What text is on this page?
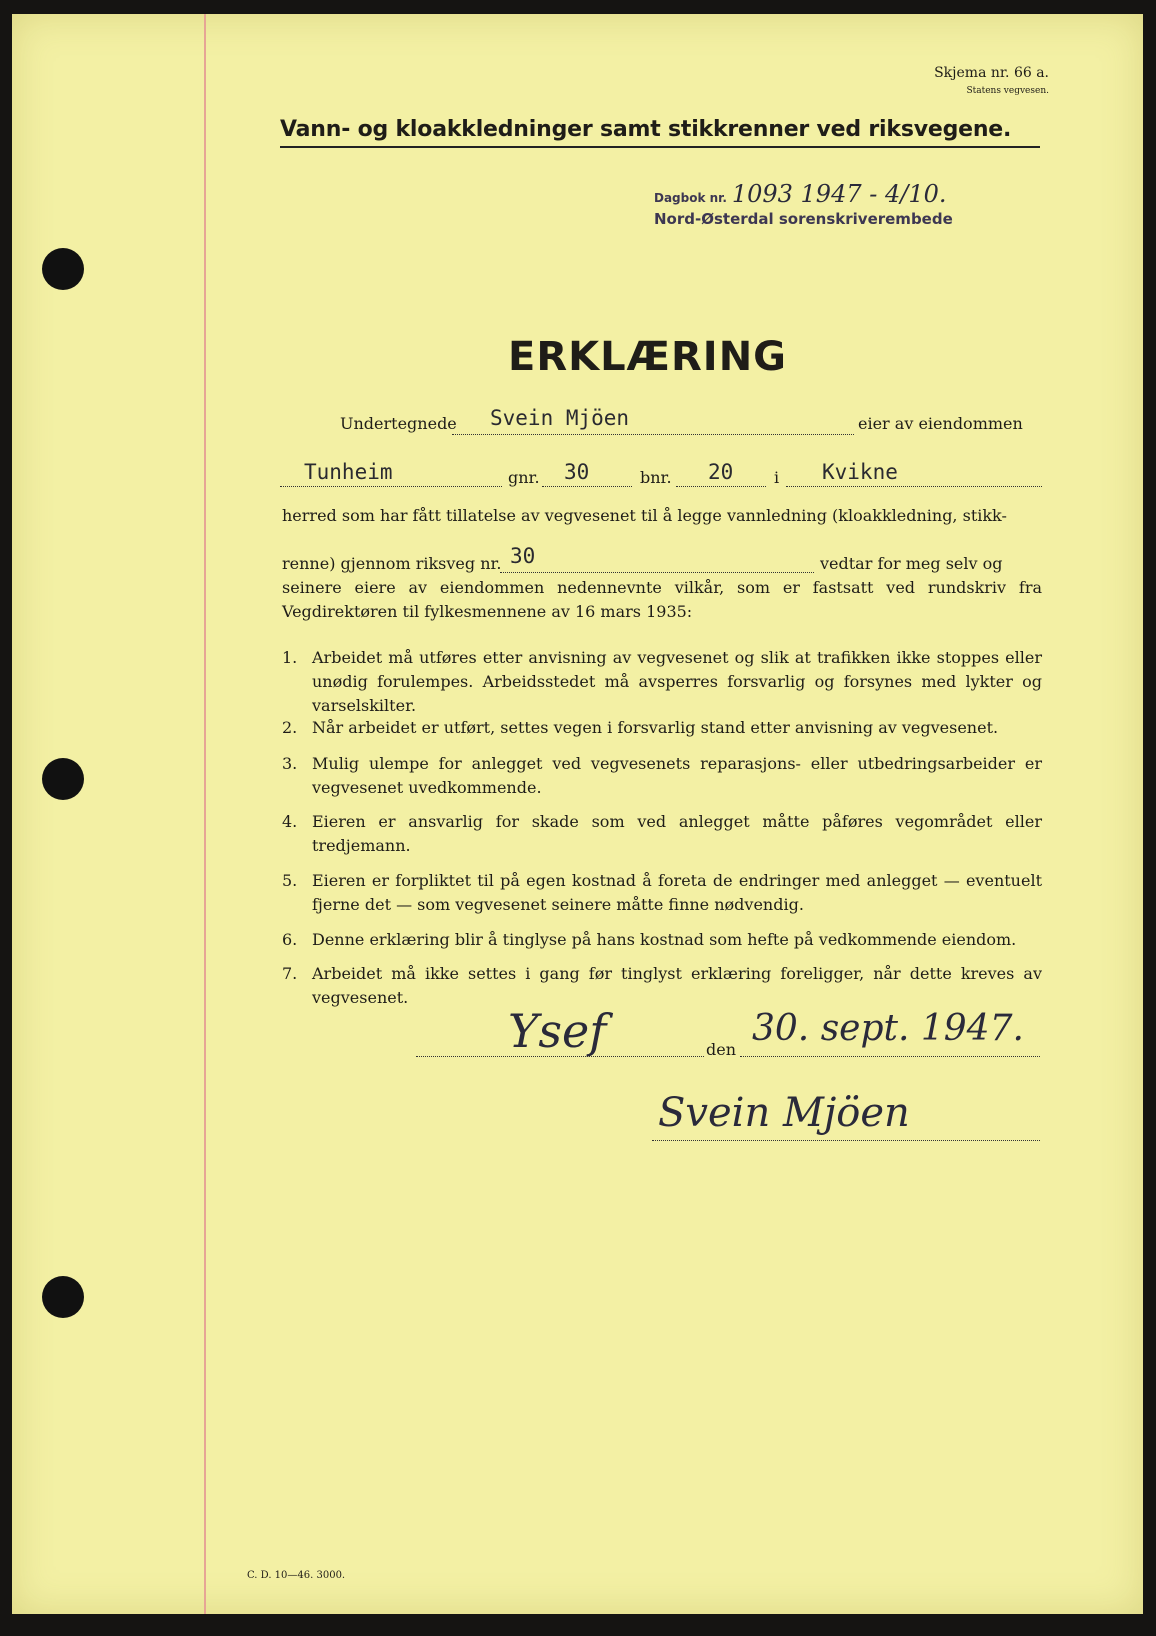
Skjema nr. 66 a.
Statens vegvesen.
Vann- og kloakkledninger samt stikkrenner ved riksvegene.
Dagbok nr. 1093 1947 - 4/10.
Nord-Østerdal sorenskriverembede
ERKLÆRING
Undertegnede Svein Mjöen	eier av eiendommen
Tunheim	gnr. 30	bnr. 20	i Kvikne
herred som har fått tillatelse av vegvesenet til å legge vannledning (kloakkledning, stikk-
renne) gjennom riksveg nr. 30	vedtar for meg selv og
seinere eiere av eiendommen nedennevnte vilkår, som er fastsatt ved rundskriv fra Vegdirektøren til fylkesmennene av 16 mars 1935:
1. Arbeidet må utføres etter anvisning av vegvesenet og slik at trafikken ikke stoppes eller unødig forulempes. Arbeidsstedet må avsperres forsvarlig og forsynes med lykter og varselskilter.
2. Når arbeidet er utført, settes vegen i forsvarlig stand etter anvisning av vegvesenet.
3. Mulig ulempe for anlegget ved vegvesenets reparasjons- eller utbedringsarbeider er vegvesenet uvedkommende.
4. Eieren er ansvarlig for skade som ved anlegget måtte påføres vegområdet eller tredjemann.
5. Eieren er forpliktet til på egen kostnad å foreta de endringer med anlegget — eventuelt fjerne det — som vegvesenet seinere måtte finne nødvendig.
6. Denne erklæring blir å tinglyse på hans kostnad som hefte på vedkommende eiendom.
7. Arbeidet må ikke settes i gang før tinglyst erklæring foreligger, når dette kreves av vegvesenet.
Ysef	den
30. sept. 1947.
Svein Mjöen
C. D. 10—46. 3000.
